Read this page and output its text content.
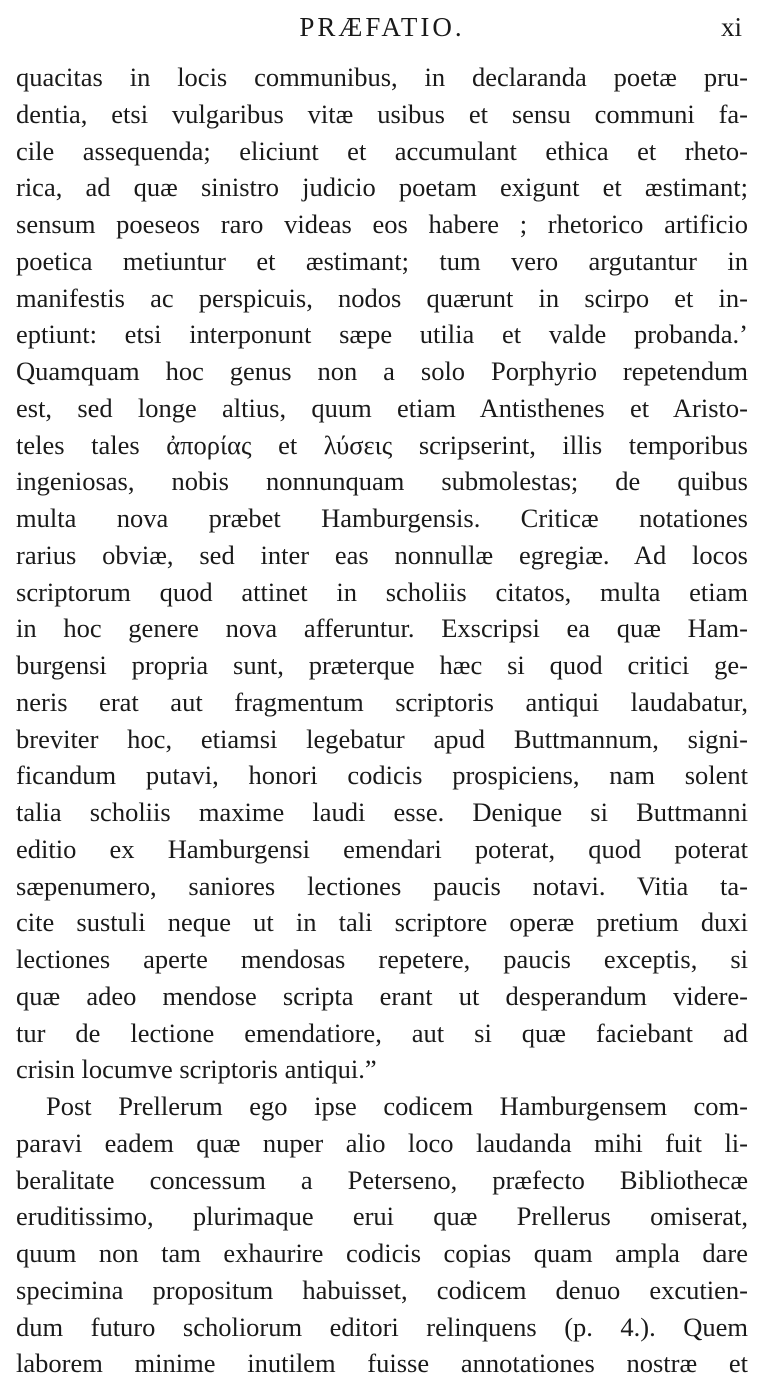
PRÆFATIO.	xi
quacitas in locis communibus, in declaranda poetæ pru-
dentia, etsi vulgaribus vitæ usibus et sensu communi fa-
cile assequenda; eliciunt et accumulant ethica et rheto-
rica, ad quæ sinistro judicio poetam exigunt et æstimant;
sensum poeseos raro videas eos habere ; rhetorico artificio
poetica metiuntur et æstimant; tum vero argutantur in
manifestis ac perspicuis, nodos quærunt in scirpo et in-
eptiunt: etsi interponunt sæpe utilia et valde probanda.’
Quamquam hoc genus non a solo Porphyrio repetendum
est, sed longe altius, quum etiam Antisthenes et Aristo-
teles tales ἀπορίας et λύσεις scripserint, illis temporibus
ingeniosas, nobis nonnunquam submolestas; de quibus
multa nova præbet Hamburgensis. Criticæ notationes
rarius obviæ, sed inter eas nonnullæ egregiæ. Ad locos
scriptorum quod attinet in scholiis citatos, multa etiam
in hoc genere nova afferuntur. Exscripsi ea quæ Ham-
burgensi propria sunt, præterque hæc si quod critici ge-
neris erat aut fragmentum scriptoris antiqui laudabatur,
breviter hoc, etiamsi legebatur apud Buttmannum, signi-
ficandum putavi, honori codicis prospiciens, nam solent
talia scholiis maxime laudi esse. Denique si Buttmanni
editio ex Hamburgensi emendari poterat, quod poterat
sæpenumero, saniores lectiones paucis notavi. Vitia ta-
cite sustuli neque ut in tali scriptore operæ pretium duxi
lectiones aperte mendosas repetere, paucis exceptis, si
quæ adeo mendose scripta erant ut desperandum videre-
tur de lectione emendatiore, aut si quæ faciebant ad
crisin locumve scriptoris antiqui.”
Post Prellerum ego ipse codicem Hamburgensem com-
paravi eadem quæ nuper alio loco laudanda mihi fuit li-
beralitate concessum a Peterseno, præfecto Bibliothecæ
eruditissimo, plurimaque erui quæ Prellerus omiserat,
quum non tam exhaurire codicis copias quam ampla dare
specimina propositum habuisset, codicem denuo excutien-
dum futuro scholiorum editori relinquens (p. 4.). Quem
laborem minime inutilem fuisse annotationes nostræ et
